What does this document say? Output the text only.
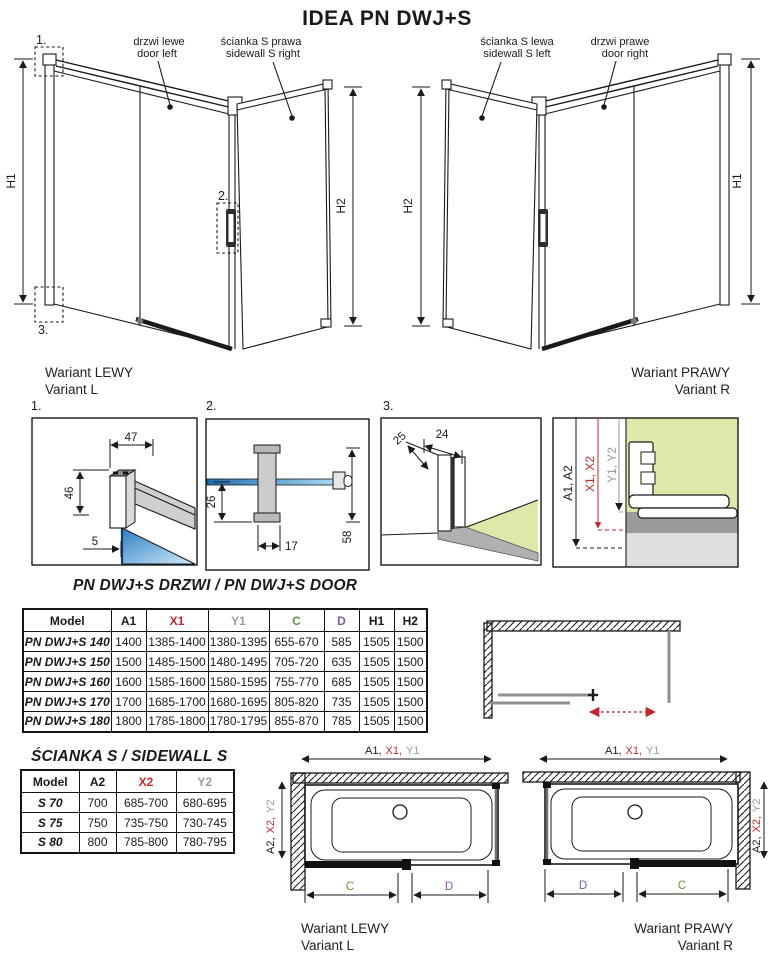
IDEA PN DWJ+S
1.
2.
3.
drzwi lewe
door left
ścianka S prawa
sidewall S right
ścianka S lewa
sidewall S left
drzwi prawe
door right
H1
H2	H2
H1
Wariant LEWY
Variant L
Wariant PRAWY
Variant R
1.
47
46
5
2.
26
17
58
3.
24
25
A1, A2 X1, X2 Y1, Y2
PN DWJ+S DRZWI / PN DWJ+S DOOR
Model	A1	X1	Y1	C	D	H1	H2
PN DWJ+S 140	1400	1385-1400	1380-1395	655-670	585	1505	1500
PN DWJ+S 150	1500	1485-1500	1480-1495	705-720	635	1505	1500
PN DWJ+S 160	1600	1585-1600	1580-1595	755-770	685	1505	1500
PN DWJ+S 170	1700	1685-1700	1680-1695	805-820	735	1505	1500
PN DWJ+S 180	1800	1785-1800	1780-1795	855-870	785	1505	1500
ŚCIANKA S / SIDEWALL S
Model	A2	X2	Y2
S 70	700	685-700	680-695
S 75	750	735-750	730-745
S 80	800	785-800	780-795
A1, X1, Y1
A2,X2,Y2
C	D
A1, X1, Y1
A2,X2,Y2
D	C
Wariant LEWY
Variant L
Wariant PRAWY
Variant R
